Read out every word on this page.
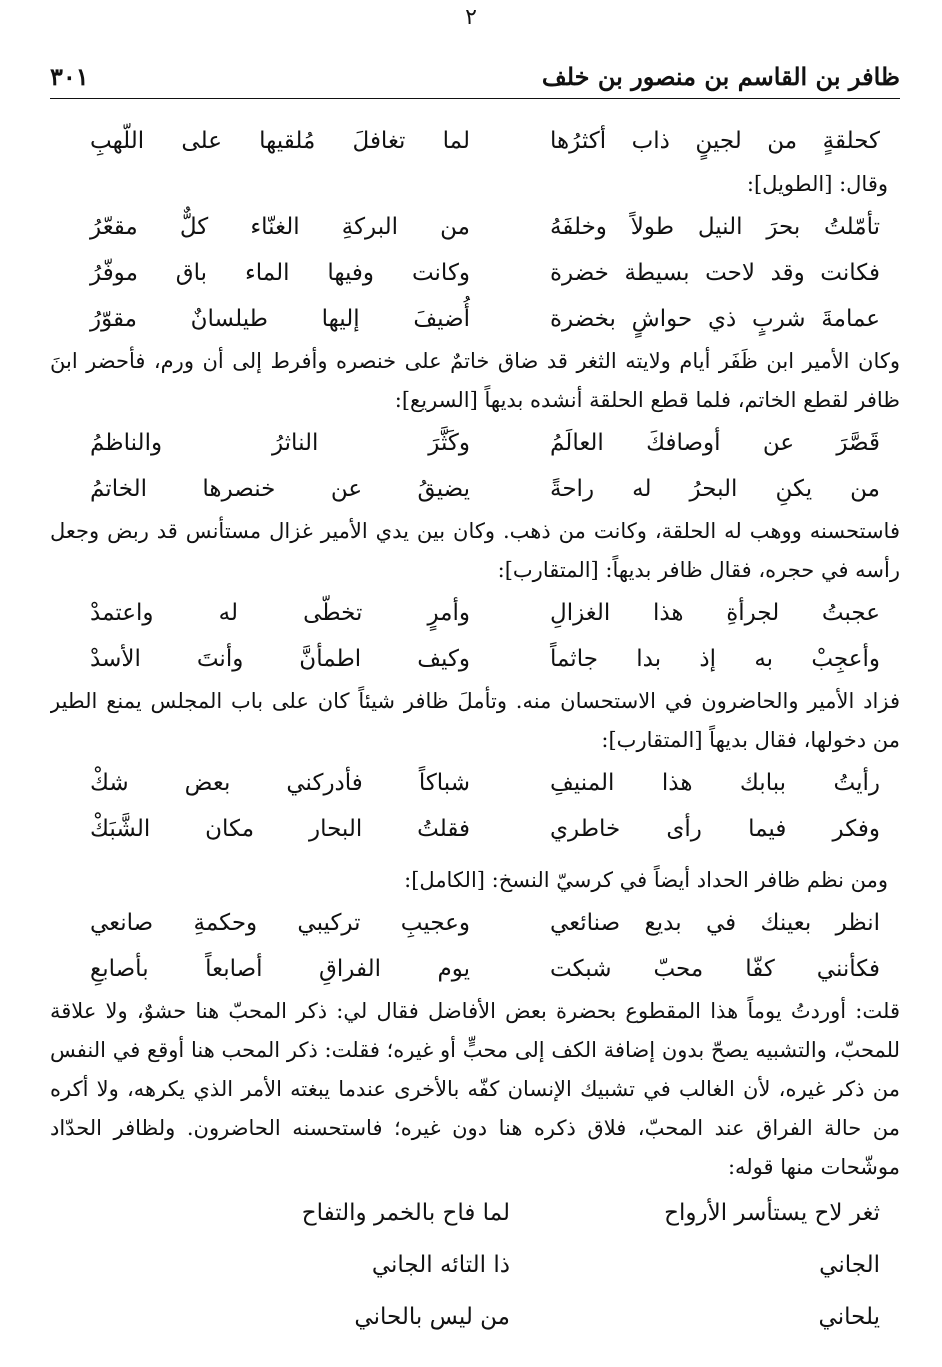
٢
ظافر بن القاسم بن منصور بن خلف
٣٠١
كحلقةٍ من لجينٍ ذاب أكثرُها
لما تغافلَ مُلقيها على اللّهبِ

وقال: [الطويل]:

تأمّلتُ بحرَ النيل طولاً وخلفَهُ
من البركةِ الغنّاء كلٌّ مقعّرُ
فكانت وقد لاحت بسيطة خضرة
وكانت وفيها الماء باق موفّرُ
عمامةَ شربٍ ذي حواشٍ بخضرة
أُضيفَ إليها طيلسانٌ مقوّرُ

وكان الأمير ابن ظَفَر أيام ولايته الثغر قد ضاق خاتمٌ على خنصره وأفرط إلى أن ورم، فأحضر ابنَ ظافر لقطع الخاتم، فلما قطع الحلقة أنشده بديهاً [السريع]:

قَصَّرَ عن أوصافكَ العالَمُ
وكَثَّرَ الناثرُ والناظمُ
من يكنِ البحرُ له راحةً
يضيقُ عن خنصرها الخاتمُ

فاستحسنه ووهب له الحلقة، وكانت من ذهب. وكان بين يدي الأمير غزال مستأنس قد ربض وجعل رأسه في حجره، فقال ظافر بديهاً: [المتقارب]:

عجبتُ لجرأةِ هذا الغزالِ
وأمرٍ تخطّى له واعتمدْ
وأعجِبْ به إذ بدا جاثماً
وكيف اطمأنَّ وأنتَ الأسدْ

فزاد الأمير والحاضرون في الاستحسان منه. وتأملَ ظافر شيئاً كان على باب المجلس يمنع الطير من دخولها، فقال بديهاً [المتقارب]:

رأيتُ ببابك هذا المنيفِ
شباكاً فأدركني بعض شكْ
وفكر فيما رأى خاطري
فقلتُ البحار مكان الشَّبَكْ

ومن نظم ظافر الحداد أيضاً في كرسيّ النسخ: [الكامل]:

انظر بعينك في بديع صنائعي
وعجيبِ تركيبي وحكمةِ صانعي
فكأنني كفّا محبّ شبكت
يوم الفراقِ أصابعاً بأصابعِ

قلت: أوردتُ يوماً هذا المقطوع بحضرة بعض الأفاضل فقال لي: ذكر المحبّ هنا حشوٌ، ولا علاقة للمحبّ، والتشبيه يصحّ بدون إضافة الكف إلى محبٍّ أو غيره؛ فقلت: ذكر المحب هنا أوقع في النفس من ذكر غيره، لأن الغالب في تشبيك الإنسان كفّه بالأخرى عندما يبغته الأمر الذي يكرهه، ولا أكره من حالة الفراق عند المحبّ، فلاق ذكره هنا دون غيره؛ فاستحسنه الحاضرون. ولظافر الحدّاد موشّحات منها قوله:

ثغر لاح يستأسر الأرواح
لما فاح بالخمر والتفاح
الجاني
ذا التائه الجاني
يلحاني
من ليس بالحاني
